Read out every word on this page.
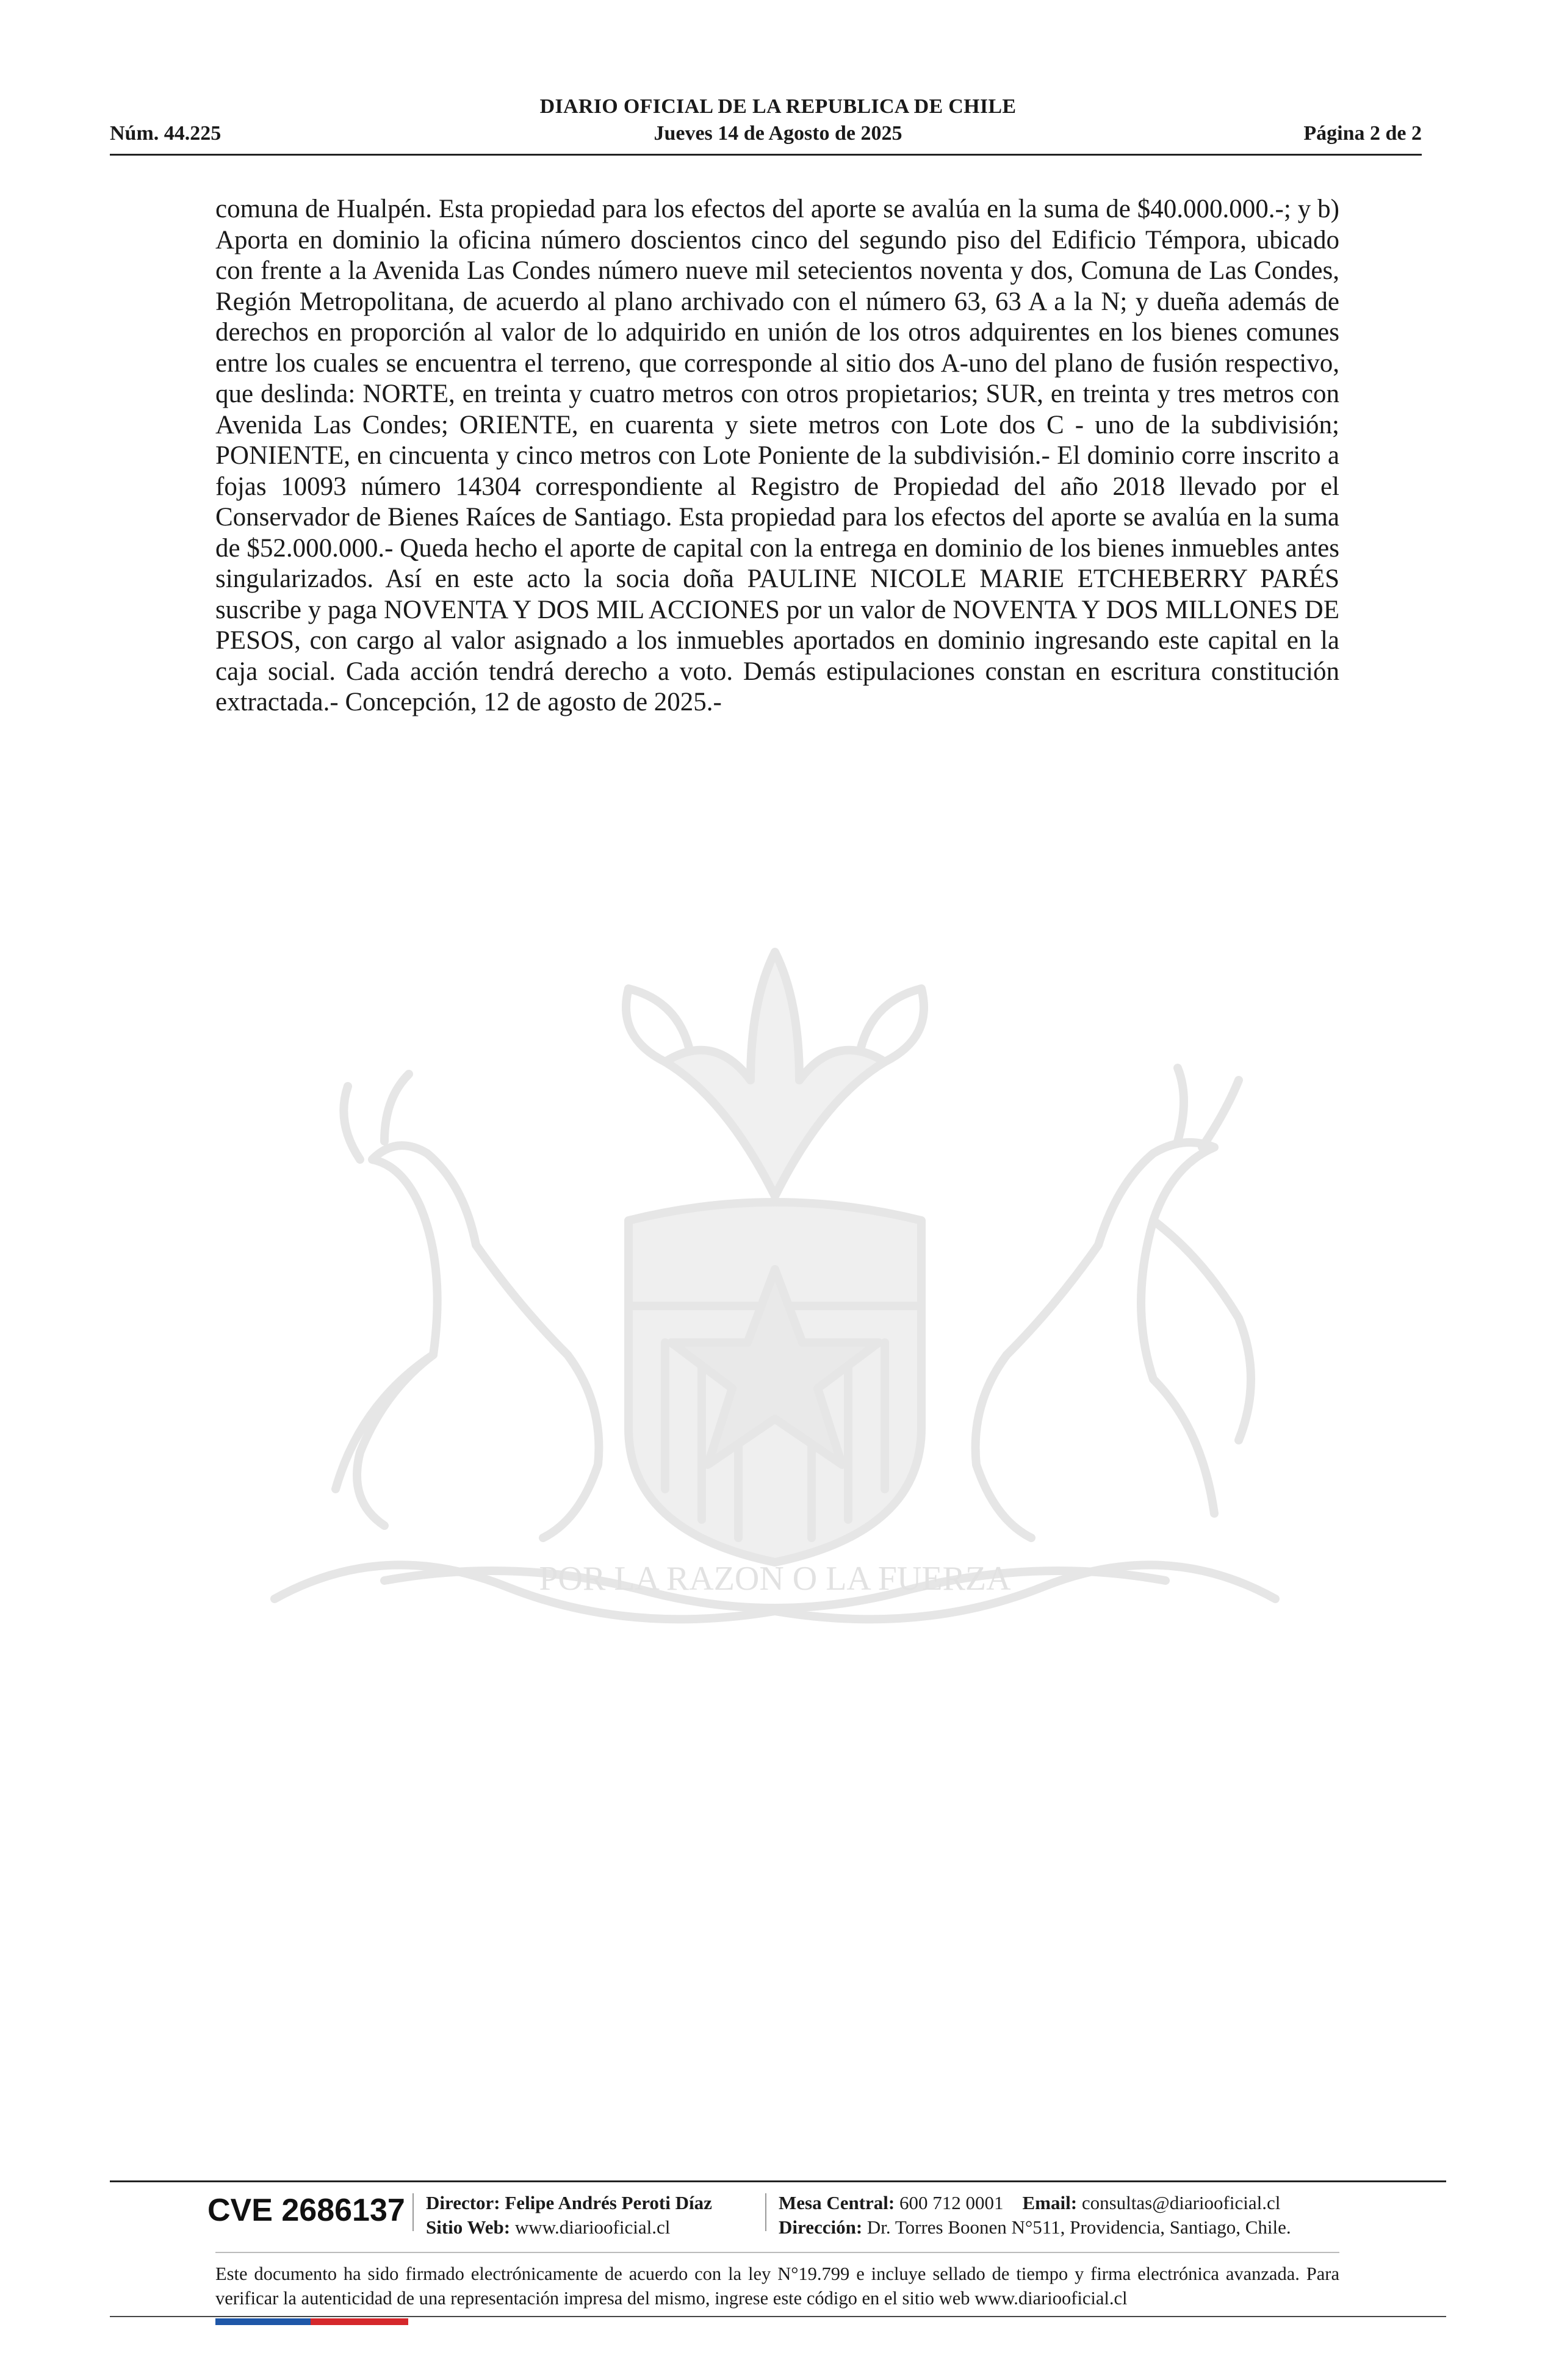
DIARIO OFICIAL DE LA REPUBLICA DE CHILE
Núm. 44.225	Jueves 14 de Agosto de 2025	Página 2 de 2
POR LA RAZON O LA FUERZA
comuna de Hualpén. Esta propiedad para los efectos del aporte se avalúa en la suma de $40.000.000.-; y b) Aporta en dominio la oficina número doscientos cinco del segundo piso del Edificio Témpora, ubicado con frente a la Avenida Las Condes número nueve mil setecientos noventa y dos, Comuna de Las Condes, Región Metropolitana, de acuerdo al plano archivado con el número 63, 63 A a la N; y dueña además de derechos en proporción al valor de lo adquirido en unión de los otros adquirentes en los bienes comunes entre los cuales se encuentra el terreno, que corresponde al sitio dos A-uno del plano de fusión respectivo, que deslinda: NORTE, en treinta y cuatro metros con otros propietarios; SUR, en treinta y tres metros con Avenida Las Condes; ORIENTE, en cuarenta y siete metros con Lote dos C - uno de la subdivisión; PONIENTE, en cincuenta y cinco metros con Lote Poniente de la subdivisión.- El dominio corre inscrito a fojas 10093 número 14304 correspondiente al Registro de Propiedad del año 2018 llevado por el Conservador de Bienes Raíces de Santiago. Esta propiedad para los efectos del aporte se avalúa en la suma de $52.000.000.- Queda hecho el aporte de capital con la entrega en dominio de los bienes inmuebles antes singularizados. Así en este acto la socia doña PAULINE NICOLE MARIE ETCHEBERRY PARÉS suscribe y paga NOVENTA Y DOS MIL ACCIONES por un valor de NOVENTA Y DOS MILLONES DE PESOS, con cargo al valor asignado a los inmuebles aportados en dominio ingresando este capital en la caja social. Cada acción tendrá derecho a voto. Demás estipulaciones constan en escritura constitución extractada.- Concepción, 12 de agosto de 2025.-
CVE 2686137 Director: Felipe Andrés Peroti Díaz
Sitio Web: www.diariooficial.cl
Mesa Central: 600 712 0001 Email: consultas@diariooficial.cl
Dirección: Dr. Torres Boonen N°511, Providencia, Santiago, Chile.
Este documento ha sido firmado electrónicamente de acuerdo con la ley N°19.799 e incluye sellado de tiempo y firma electrónica avanzada. Para verificar la autenticidad de una representación impresa del mismo, ingrese este código en el sitio web www.diariooficial.cl
